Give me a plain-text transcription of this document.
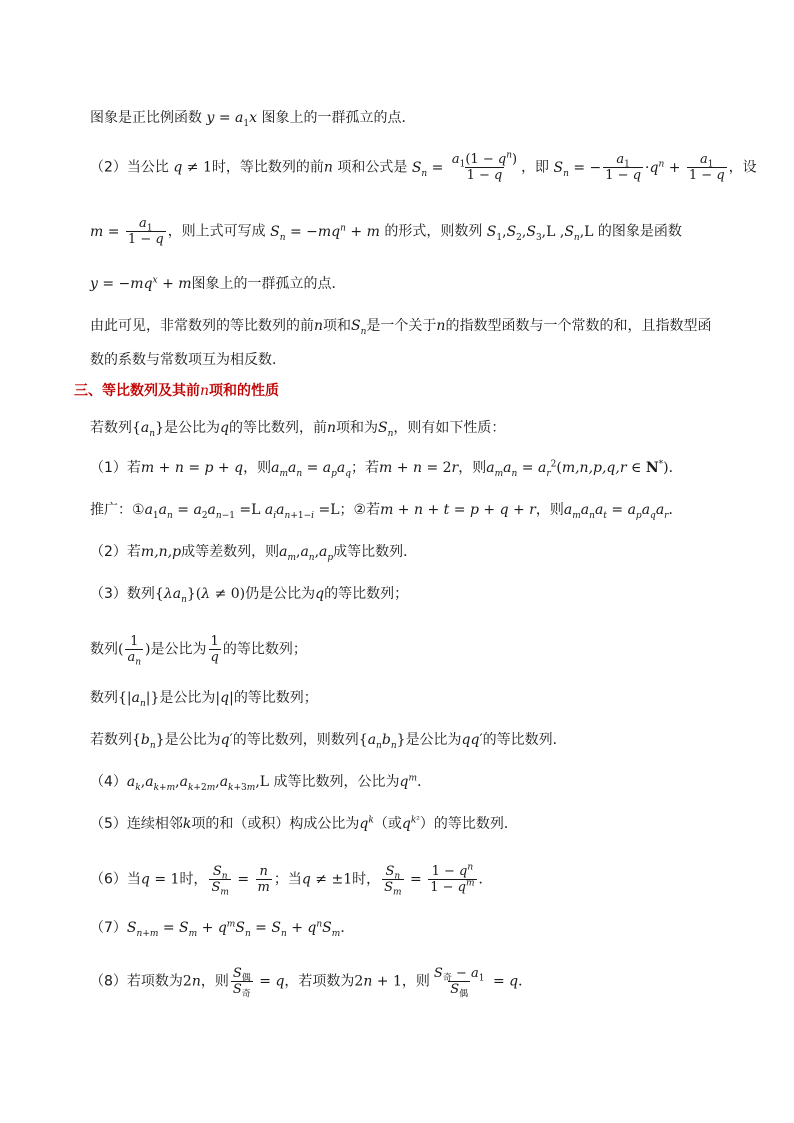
图象是正比例函数 $y = a_1x$ 图象上的一群孤立的点．
（2）当公比 q ≠ 1时，等比数列的前n 项和公式是 $S_n = \frac{a_1(1 - q^n)}{1 - q}$ ，即 $S_n$ = − $\frac{a_1}{1 - q} \cdot q^n + \frac{a_1}{1 - q}$ ，设
$m = \frac{a_1}{1 - q}$ ，则上式可写成 $S_n = -mq^n + m$ 的形式，则数列 $S_1,S_2,S_3,L$ $,S_n,L$ 的图象是函数
$y = -mq^x + m$图象上的一群孤立的点．
由此可见，非常数列的等比数列的前n项和$S_n$是一个关于n的指数型函数与一个常数的和，且指数型函
数的系数与常数项互为相反数．
三、等比数列及其前n项和的性质
若数列$\{a_n\}$是公比为q的等比数列，前n项和为$S_n$，则有如下性质：
（1）若m + n = p + q，则$a_ma_n = a_pa_q$；若m + n = 2r，则$a_ma_n = a_r^2(m,n,p,q,r$ ∈ N*)．
推广：$①a_1a_n = a_2a_{n-1} =L$ $a_ia_{n+1-i} =L$；②若m + n + t = p + q + r，则$a_ma_na_t = a_pa_qa_r$．
（2）若m,n,p成等差数列，则$a_m,a_n,a_p$成等比数列．
（3）数列$\{\lambda a_n\}(\lambda \ne 0)$仍是公比为q的等比数列；
数列( $\frac{1}{a_n}$ )是公比为 $\frac{1}{q}$ 的等比数列；
数列$\{|a_n|\}$是公比为|q|的等比数列；
若数列$\{b_n\}$是公比为q′的等比数列，则数列$\{a_nb_n\}$是公比为qq′的等比数列．
$(4)a_k,a_{k+m},a_{k+2m},a_{k+3m},L$ 成等比数列，公比为$q^m$．
（5）连续相邻k项的和（或积）构成公比为$q^k$（或$q^{k^2}$）的等比数列．
（6）当q = 1时， $\frac{S_n}{S_m} = \frac{n}{m}$ ；当q ≠ ±1时， $\frac{S_n}{S_m} = \frac{1 - q^n}{1 - q^m}$ ．
$(7)S_{n+m} = S_m + q^mS_n = S_n + q^nS_m$．
（8）若项数为2n，则 $\frac{S_偶}{S_奇} = q$，若项数为2n + 1，则 $\frac{S_奇 - a_1}{S_偶} = q$．
